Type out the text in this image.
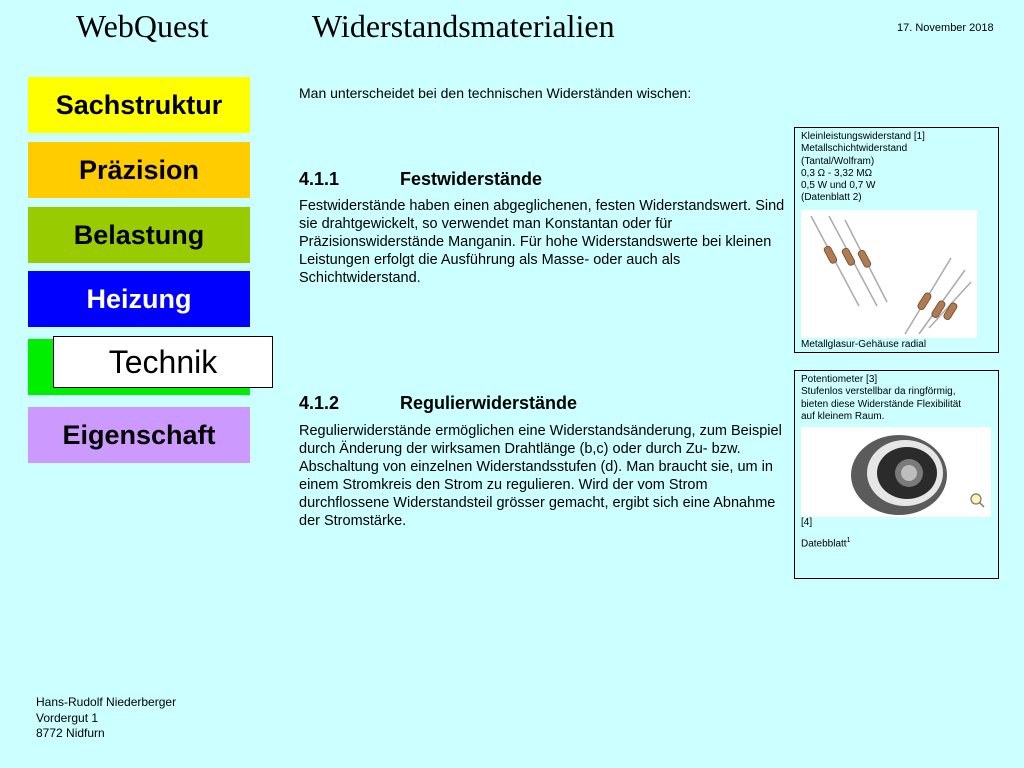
WebQuest	Widerstandsmaterialien	17. November 2018
Sachstruktur
Präzision
Belastung
Heizung
Eigenschaft
Technik
Man unterscheidet bei den technischen Widerständen wischen:
4.1.1	Festwiderstände
Festwiderstände haben einen abgeglichenen, festen Widerstandswert. Sind sie drahtgewickelt, so verwendet man Konstantan oder für Präzisionswiderstände Manganin. Für hohe Widerstandswerte bei kleinen Leistungen erfolgt die Ausführung als Masse- oder auch als Schichtwiderstand.
4.1.2	Regulierwiderstände
Regulierwiderstände ermöglichen eine Widerstandsänderung, zum Beispiel durch Änderung der wirksamen Drahtlänge (b,c) oder durch Zu- bzw. Abschaltung von einzelnen Widerstandsstufen (d). Man braucht sie, um in einem Stromkreis den Strom zu regulieren. Wird der vom Strom durchflossene Widerstandsteil grösser gemacht, ergibt sich eine Abnahme der Stromstärke.
Kleinleistungswiderstand [1]
Metallschichtwiderstand
(Tantal/Wolfram)
0,3 Ω - 3,32 MΩ
0,5 W und 0,7 W
(Datenblatt 2)
Metallglasur-Gehäuse radial
Potentiometer [3]
Stufenlos verstellbar da ringförmig,
bieten diese Widerstände Flexibilität
auf kleinem Raum.
[4]
Datebblatt$^1$
Hans-Rudolf Niederberger
Vordergut 1
8772 Nidfurn
